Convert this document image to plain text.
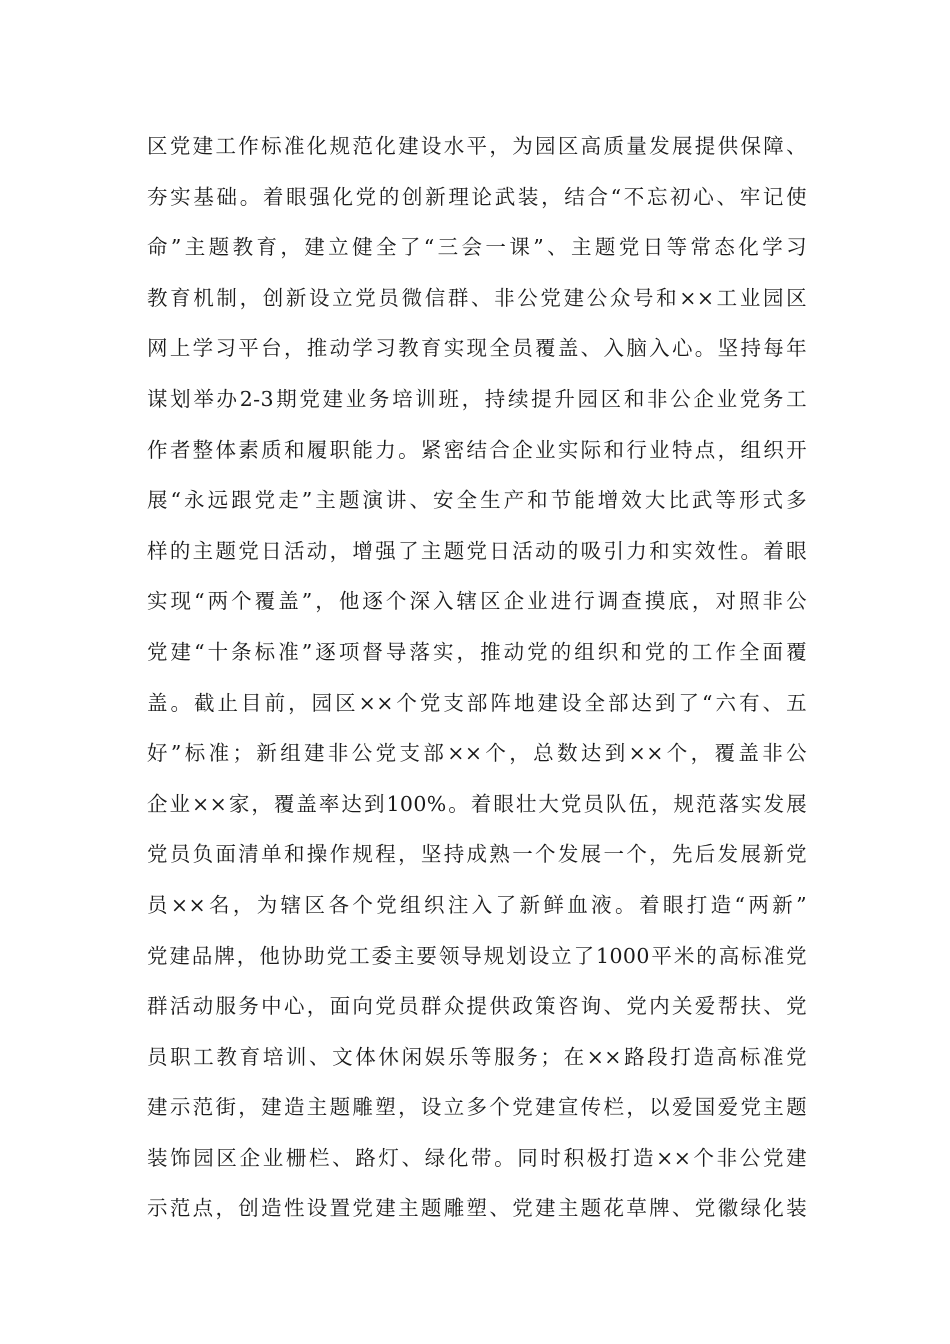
区党建工作标准化规范化建设水平，为园区高质量发展提供保障、
夯实基础。着眼强化党的创新理论武装，结合“不忘初心、牢记使
命”主题教育，建立健全了“三会一课”、主题党日等常态化学习
教育机制，创新设立党员微信群、非公党建公众号和××工业园区
网上学习平台，推动学习教育实现全员覆盖、入脑入心。坚持每年
谋划举办2-3期党建业务培训班，持续提升园区和非公企业党务工
作者整体素质和履职能力。紧密结合企业实际和行业特点，组织开
展“永远跟党走”主题演讲、安全生产和节能增效大比武等形式多
样的主题党日活动，增强了主题党日活动的吸引力和实效性。着眼
实现“两个覆盖”，他逐个深入辖区企业进行调查摸底，对照非公
党建“十条标准”逐项督导落实，推动党的组织和党的工作全面覆
盖。截止目前，园区××个党支部阵地建设全部达到了“六有、五
好”标准；新组建非公党支部××个，总数达到××个，覆盖非公
企业××家，覆盖率达到100%。着眼壮大党员队伍，规范落实发展
党员负面清单和操作规程，坚持成熟一个发展一个，先后发展新党
员××名，为辖区各个党组织注入了新鲜血液。着眼打造“两新”
党建品牌，他协助党工委主要领导规划设立了1000平米的高标准党
群活动服务中心，面向党员群众提供政策咨询、党内关爱帮扶、党
员职工教育培训、文体休闲娱乐等服务；在××路段打造高标准党
建示范街，建造主题雕塑，设立多个党建宣传栏，以爱国爱党主题
装饰园区企业栅栏、路灯、绿化带。同时积极打造××个非公党建
示范点，创造性设置党建主题雕塑、党建主题花草牌、党徽绿化装
